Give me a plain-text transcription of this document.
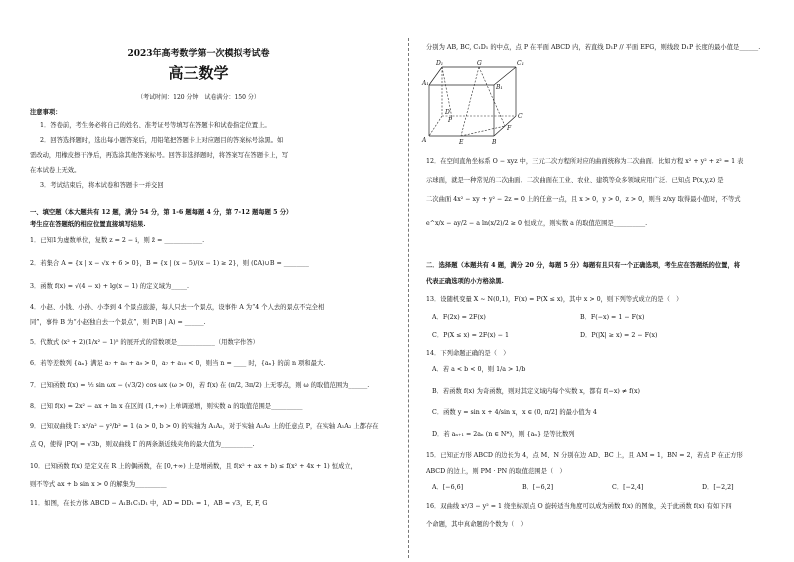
2023年高考数学第一次模拟考试卷
高三数学
（考试时间：120 分钟　试卷满分：150 分）
注意事项：
1．答卷前，考生务必将自己的姓名、准考证号等填写在答题卡和试卷指定位置上。
2．回答选择题时，选出每小题答案后，用铅笔把答题卡上对应题目的答案标号涂黑。如
需改动，用橡皮擦干净后，再选涂其他答案标号。回答非选择题时，将答案写在答题卡上，写
在本试卷上无效。
3．考试结束后，将本试卷和答题卡一并交回
一、填空题（本大题共有 12 题，满分 54 分，第 1-6 题每题 4 分，第 7-12 题每题 5 分）
考生应在答题纸的相应位置直接填写结果.
1．已知1为虚数单位，复数 z = 2 − i，则 z̄ = ____________.
2．若集合 A = {x | x − √x + 6 > 0}，B = {x | (x − 5)/(x − 1) ≥ 2}，则 (∁A)∪B = ________
3．函数 f(x) = √(4 − x) + lg(x − 1) 的定义域为_____.
4．小赵、小钱、小孙、小李到 4 个景点旅游，每人只去一个景点，设事件 A 为“4 个人去的景点不完全相
同”，事件 B 为“小赵独自去一个景点”，则 P(B | A) = ______.
5．代数式 (x² + 2)(1/x² − 1)⁵ 的展开式的常数项是____________（用数字作答）
6．若等差数列 {aₙ} 满足 a₇ + a₈ + a₉ > 0，a₇ + a₁₀ < 0，则当 n = ____ 时，{aₙ} 的前 n 项和最大.
7．已知函数 f(x) = ½ sin ωx − (√3/2) cos ωx (ω > 0)，若 f(x) 在 (π/2, 3π/2) 上无零点，则 ω 的取值范围为______.
8．已知 f(x) = 2x² − ax + ln x 在区间 (1,+∞) 上单调递增，则实数 a 的取值范围是__________
9．已知双曲线 Γ: x²/a² − y²/b² = 1 (a > 0, b > 0) 的实轴为 A₁A₂，对于实轴 A₁A₂ 上的任意点 P，在实轴 A₁A₂ 上都存在
点 Q，使得 |PQ| = √3b，则双曲线 Γ 的两条渐近线夹角的最大值为__________.
10．已知函数 f(x) 是定义在 R 上的偶函数，在 [0,+∞) 上是增函数，且 f(x² + ax + b) ≤ f(x² + 4x + 1) 恒成立，
则不等式 ax + b sin x > 0 的解集为__________
11．如图，在长方体 ABCD − A₁B₁C₁D₁ 中，AD = DD₁ = 1，AB = √3，E, F, G
分别为 AB, BC, C₁D₁ 的中点，点 P 在平面 ABCD 内，若直线 D₁P // 平面 EFG，则线段 D₁P 长度的最小值是______.
D₁	G	C₁
A₁
B₁
P
D
C
F
A	E	B
12．在空间直角坐标系 O − xyz 中，三元二次方程所对应的曲面统称为二次曲面．比如方程 x² + y² + z² = 1 表
示球面，就是一种常见的二次曲面．二次曲面在工业、农业、建筑等众多领域应用广泛．已知点 P(x,y,z) 是
二次曲面 4x² − xy + y² − 2z = 0 上的任意一点，且 x > 0，y > 0，z > 0，则当 z/xy 取得最小值时，不等式
e^x/x − ay/2 − a ln(x/2)/2 ≥ 0 恒成立，则实数 a 的取值范围是__________.
二．选择题（本题共有 4 题，满分 20 分，每题 5 分）每题有且只有一个正确选项，考生应在答题纸的位置，将
代表正确选项的小方格涂黑.
13．设随机变量 X ~ N(0,1)，F(x) = P(X ≤ x)，其中 x > 0，则下列等式成立的是（　）
A．F(2x) = 2F(x)	B．F(−x) = 1 − F(x)
C．P(X ≤ x) = 2F(x) − 1	D．P(|X| ≥ x) = 2 − F(x)
14．下列命题正确的是（　）
A．若 a < b < 0，则 1/a > 1/b
B．若函数 f(x) 为奇函数，则对其定义域内每个实数 x，都有 f(−x) ≠ f(x)
C．函数 y = sin x + 4/sin x，x ∈ (0, π/2] 的最小值为 4
D．若 aₙ₊₁ = 2aₙ (n ∈ N*)，则 {aₙ} 是等比数列
15．已知正方形 ABCD 的边长为 4，点 M、N 分别在边 AD、BC 上，且 AM = 1，BN = 2，若点 P 在正方形
ABCD 的边上，则 PM · PN 的取值范围是（　）
A．[−6,6]	B．[−6,2]	C．[−2,4]	D．[−2,2]
16．双曲线 x²/3 − y² = 1 绕坐标原点 O 旋转适当角度可以成为函数 f(x) 的图象，关于此函数 f(x) 有如下四
个命题，其中真命题的个数为（　）
